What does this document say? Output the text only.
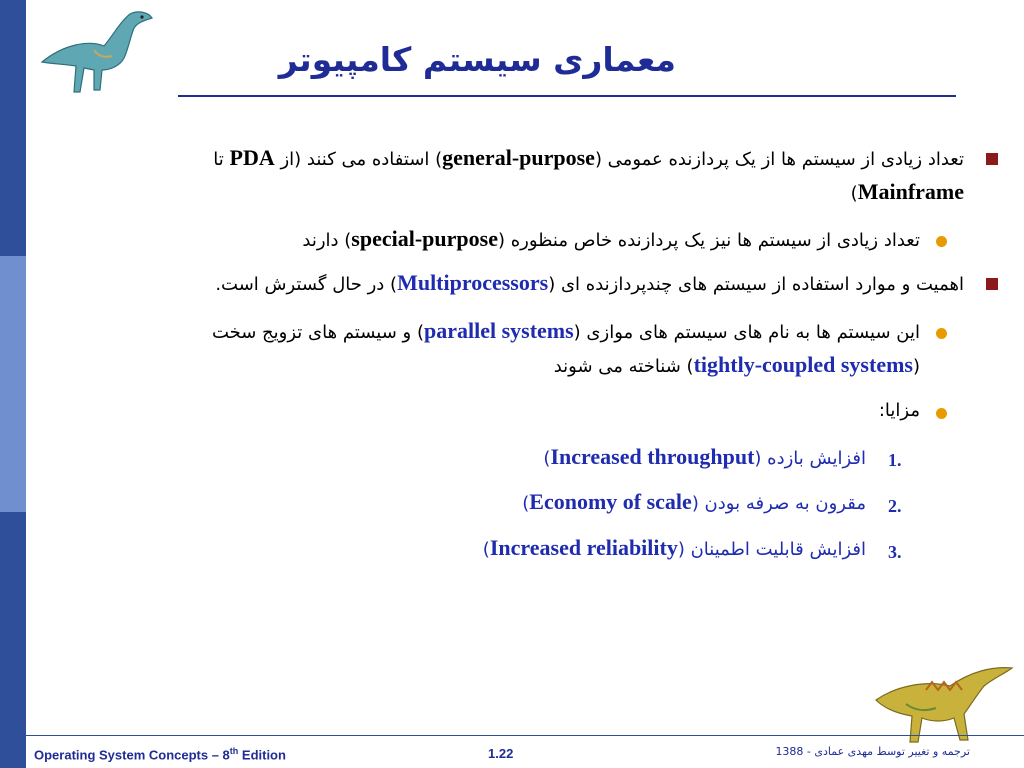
معماری سیستم کامپیوتر
تعداد زیادی از سیستم ها از یک پردازنده عمومی (general-purpose) استفاده می کنند (از PDA تا
Mainframe)
تعداد زیادی از سیستم ها نیز یک پردازنده خاص منظوره (special-purpose) دارند
اهمیت و موارد استفاده از سیستم های چندپردازنده ای (Multiprocessors) در حال گسترش است.
این سیستم ها به نام های سیستم های موازی (parallel systems) و سیستم های تزویج سخت
(tightly-coupled systems) شناخته می شوند
مزایا:
1.
افزایش بازده (Increased throughput)
2.
مقرون به صرفه بودن (Economy of scale)
3.
افزایش قابلیت اطمینان (Increased reliability)
Operating System Concepts – 8th Edition	1.22	ترجمه و تغییر توسط مهدی عمادی - 1388
